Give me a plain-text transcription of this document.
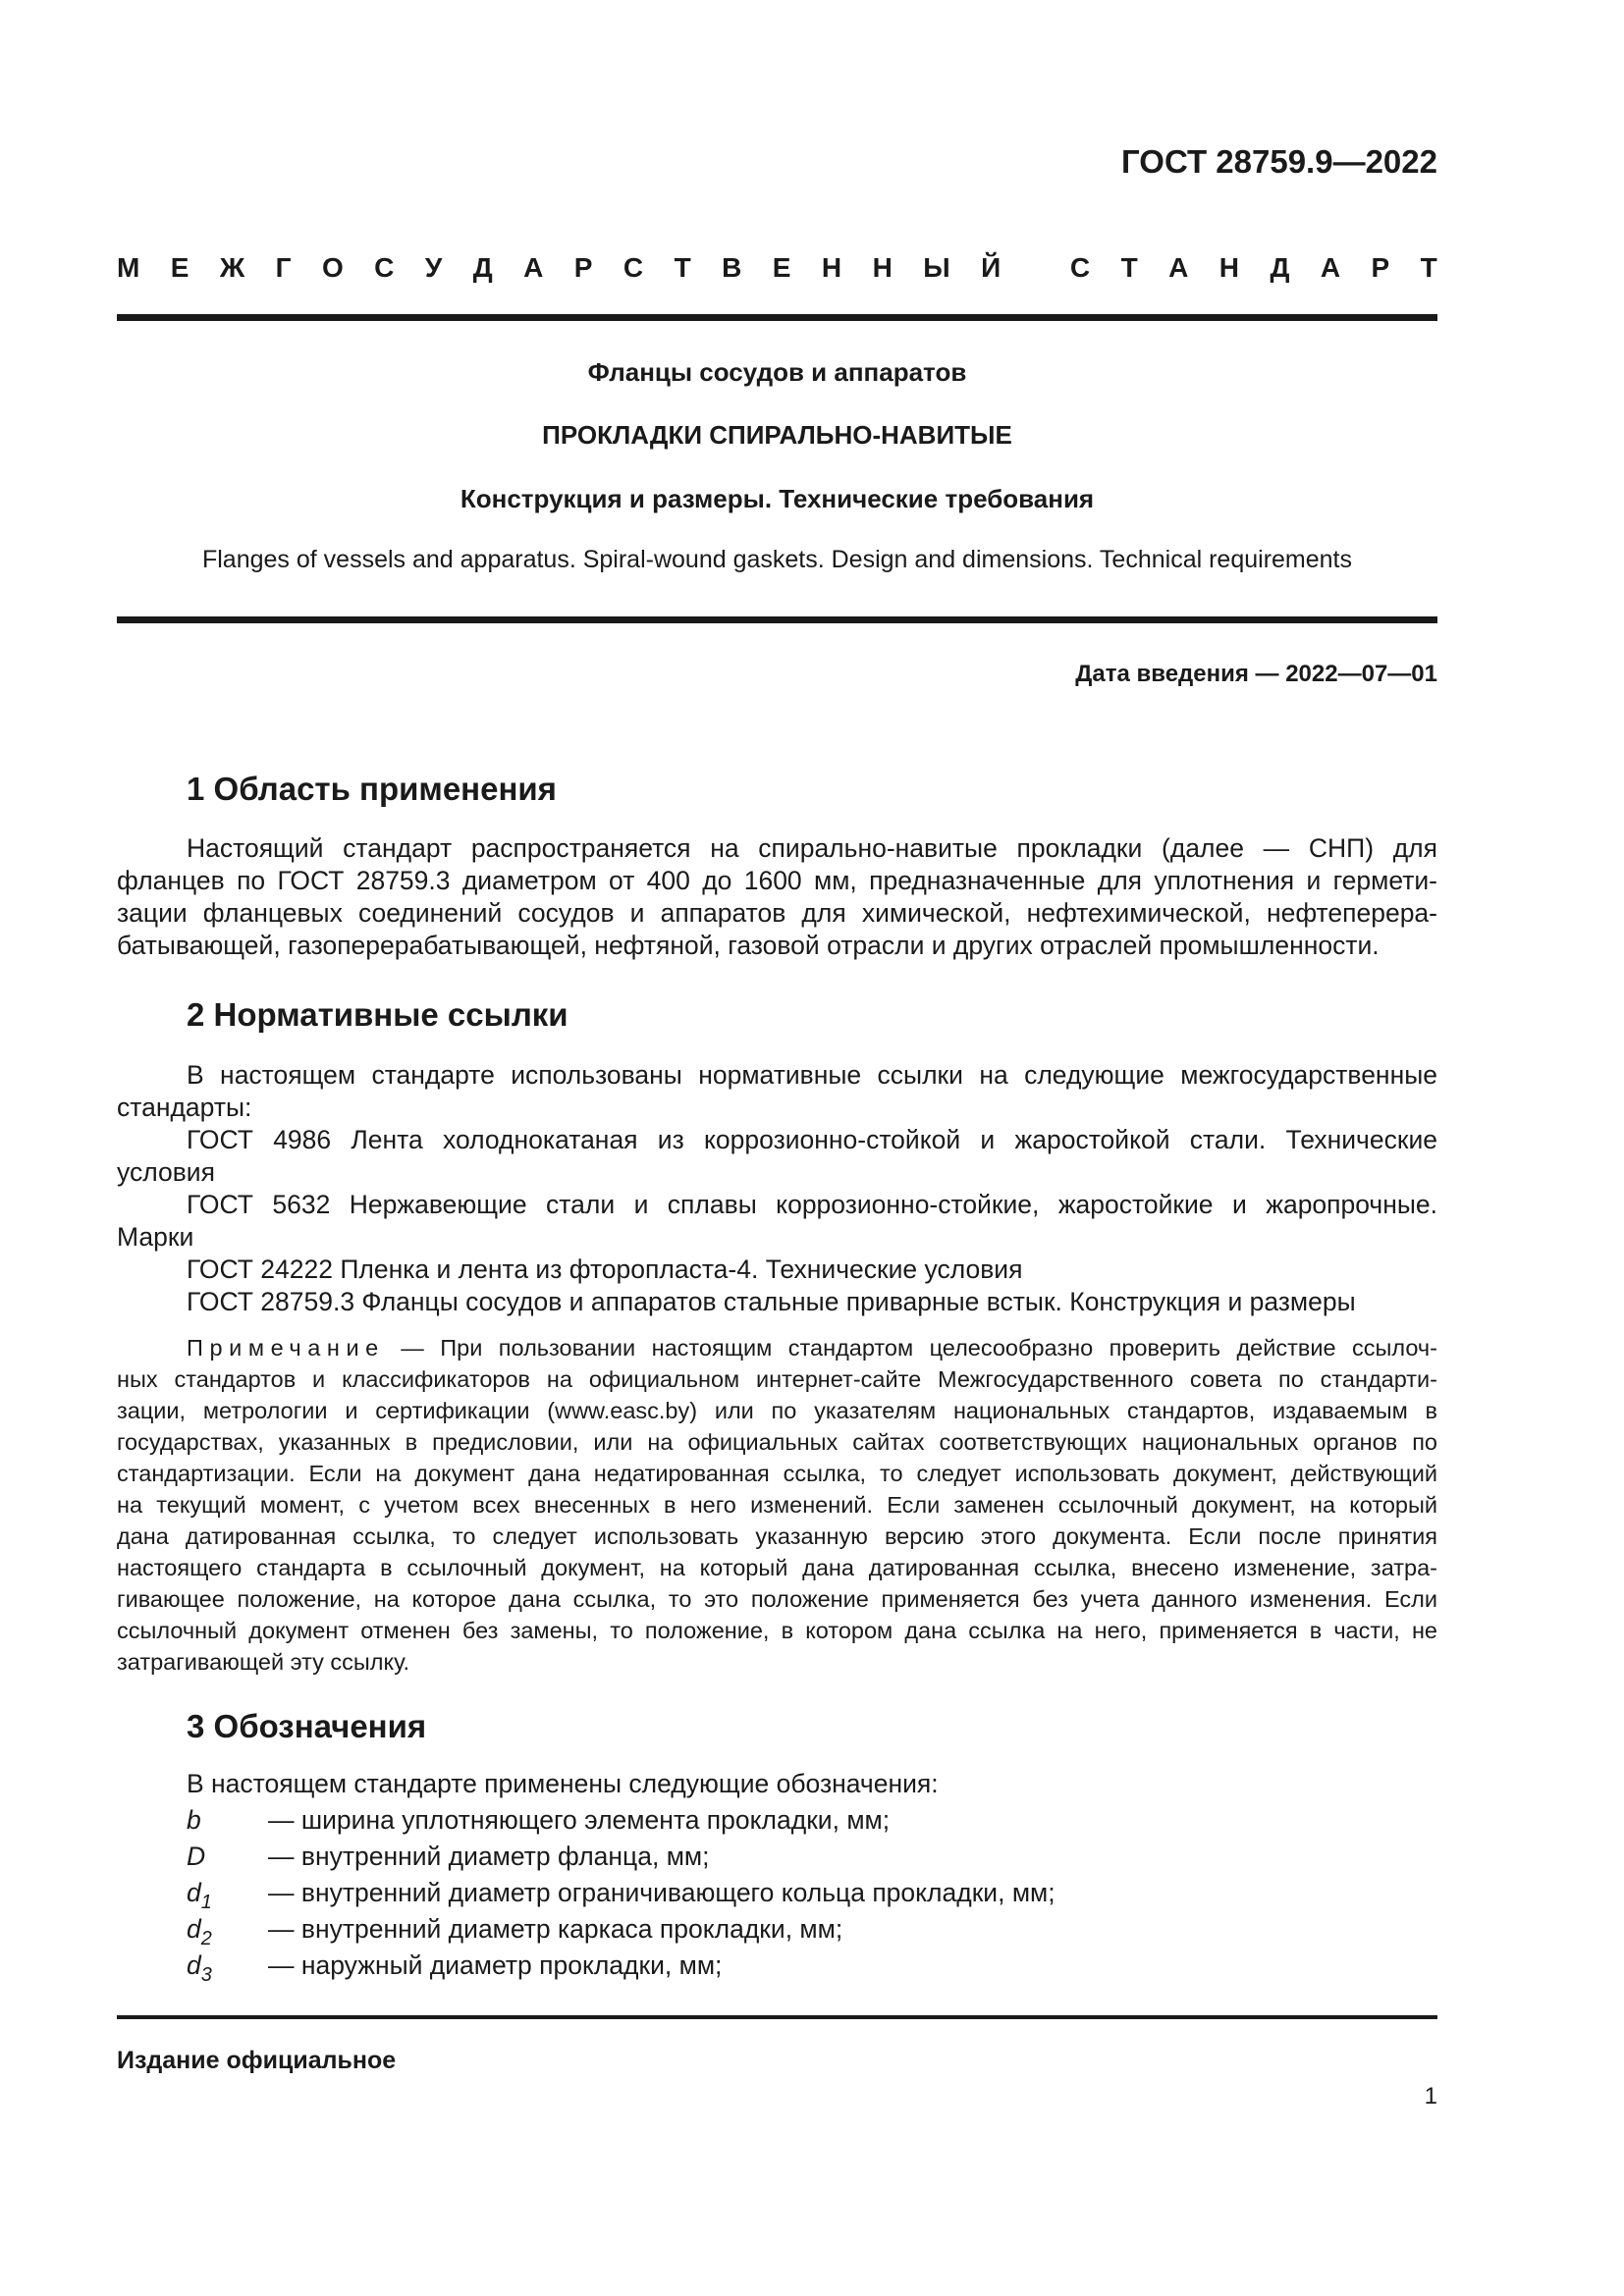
ГОСТ 28759.9—2022
М Е Ж Г О С У Д А Р С Т В Е Н Н Ы Й
	С Т А Н Д А Р Т
Фланцы сосудов и аппаратов
ПРОКЛАДКИ СПИРАЛЬНО-НАВИТЫЕ
Конструкция и размеры. Технические требования
Flanges of vessels and apparatus. Spiral-wound gaskets. Design and dimensions. Technical requirements
Дата введения — 2022—07—01
1 Область применения
Настоящий стандарт распространяется на спирально-навитые прокладки (далее — СНП) для
фланцев по ГОСТ 28759.3 диаметром от 400 до 1600 мм, предназначенные для уплотнения и гермети-
зации фланцевых соединений сосудов и аппаратов для химической, нефтехимической, нефтеперера-
батывающей, газоперерабатывающей, нефтяной, газовой отрасли и других отраслей промышленности.
2 Нормативные ссылки
В настоящем стандарте использованы нормативные ссылки на следующие межгосударственные
стандарты:
ГОСТ 4986 Лента холоднокатаная из коррозионно-стойкой и жаростойкой стали. Технические
условия
ГОСТ 5632 Нержавеющие стали и сплавы коррозионно-стойкие, жаростойкие и жаропрочные.
Марки
ГОСТ 24222 Пленка и лента из фторопласта-4. Технические условия
ГОСТ 28759.3 Фланцы сосудов и аппаратов стальные приварные встык. Конструкция и размеры
Примечание — При пользовании настоящим стандартом целесообразно проверить действие ссылоч-
ных стандартов и классификаторов на официальном интернет-сайте Межгосударственного совета по стандарти-
зации, метрологии и сертификации (www.easc.by) или по указателям национальных стандартов, издаваемым в
государствах, указанных в предисловии, или на официальных сайтах соответствующих национальных органов по
стандартизации. Если на документ дана недатированная ссылка, то следует использовать документ, действующий
на текущий момент, с учетом всех внесенных в него изменений. Если заменен ссылочный документ, на который
дана датированная ссылка, то следует использовать указанную версию этого документа. Если после принятия
настоящего стандарта в ссылочный документ, на который дана датированная ссылка, внесено изменение, затра-
гивающее положение, на которое дана ссылка, то это положение применяется без учета данного изменения. Если
ссылочный документ отменен без замены, то положение, в котором дана ссылка на него, применяется в части, не
затрагивающей эту ссылку.
3 Обозначения
В настоящем стандарте применены следующие обозначения:
b	— ширина уплотняющего элемента прокладки, мм;
D — внутренний диаметр фланца, мм;
$d_1$ — внутренний диаметр ограничивающего кольца прокладки, мм;
$d_2$ — внутренний диаметр каркаса прокладки, мм;
$d_3$ — наружный диаметр прокладки, мм;
Издание официальное
1
